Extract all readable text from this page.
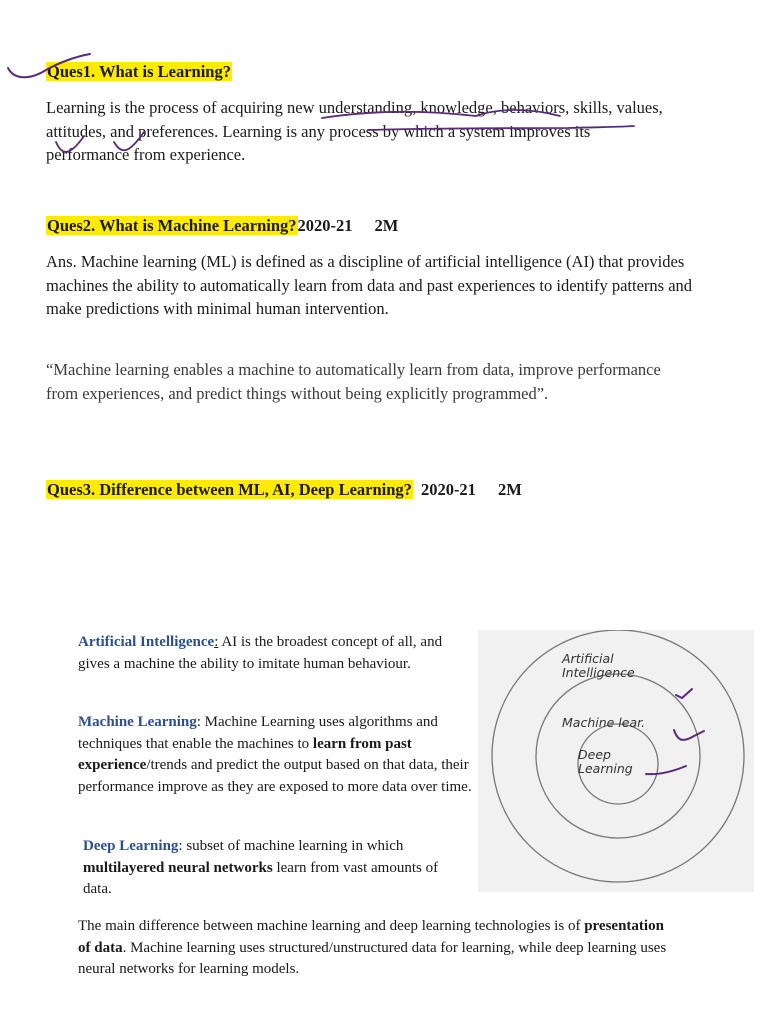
Ques1. What is Learning?
Learning is the process of acquiring new understanding, knowledge, behaviors, skills, values, attitudes, and preferences. Learning is any process by which a system improves its performance from experience.
Ques2. What is Machine Learning?2020-21 2M
Ans. Machine learning (ML) is defined as a discipline of artificial intelligence (AI) that provides machines the ability to automatically learn from data and past experiences to identify patterns and make predictions with minimal human intervention.
“Machine learning enables a machine to automatically learn from data, improve performance from experiences, and predict things without being explicitly programmed”.
Ques3. Difference between ML, AI, Deep Learning? 2020-21 2M
Artificial Intelligence: AI is the broadest concept of all, and gives a machine the ability to imitate human behaviour.
Machine Learning: Machine Learning uses algorithms and techniques that enable the machines to learn from past experience/trends and predict the output based on that data, their performance improve as they are exposed to more data over time.
Deep Learning: subset of machine learning in which multilayered neural networks learn from vast amounts of data.
The main difference between machine learning and deep learning technologies is of presentation of data. Machine learning uses structured/unstructured data for learning, while deep learning uses neural networks for learning models.
Artificial
Intelligence
Machine lear.
Deep
Learning
